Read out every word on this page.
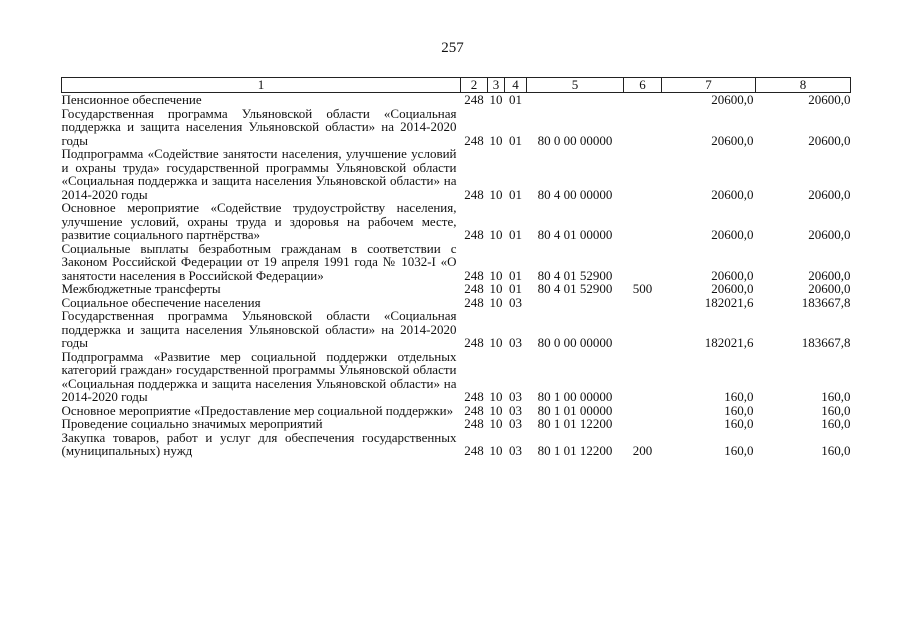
257
1	2	3	4	5	6	7	8
Пенсионное обеспечение	248	10	01			20600,0	20600,0
Государственная программа Ульяновской области «Социальная поддержка и защита населения Ульяновской области» на 2014-2020 годы	248	10	01	80 0 00 00000		20600,0	20600,0
Подпрограмма «Содействие занятости населения, улучшение условий и охраны труда» государственной программы Ульяновской области «Социальная поддержка и защита населения Ульяновской области» на 2014-2020 годы	248	10	01	80 4 00 00000		20600,0	20600,0
Основное мероприятие «Содействие трудоустройству населения, улучшение условий, охраны труда и здоровья на рабочем месте, развитие социального партнёрства»	248	10	01	80 4 01 00000		20600,0	20600,0
Социальные выплаты безработным гражданам в соответствии с Законом Российской Федерации от 19 апреля 1991 года № 1032-I «О занятости населения в Российской Федерации»	248	10	01	80 4 01 52900		20600,0	20600,0
Межбюджетные трансферты	248	10	01	80 4 01 52900	500	20600,0	20600,0
Социальное обеспечение населения	248	10	03			182021,6	183667,8
Государственная программа Ульяновской области «Социальная поддержка и защита населения Ульяновской области» на 2014-2020 годы	248	10	03	80 0 00 00000		182021,6	183667,8
Подпрограмма «Развитие мер социальной поддержки отдельных категорий граждан» государственной программы Ульяновской области «Социальная поддержка и защита населения Ульяновской области» на 2014-2020 годы	248	10	03	80 1 00 00000		160,0	160,0
Основное мероприятие «Предоставление мер социальной поддержки»	248	10	03	80 1 01 00000		160,0	160,0
Проведение социально значимых мероприятий	248	10	03	80 1 01 12200		160,0	160,0
Закупка товаров, работ и услуг для обеспечения государственных (муниципальных) нужд	248	10	03	80 1 01 12200	200	160,0	160,0
